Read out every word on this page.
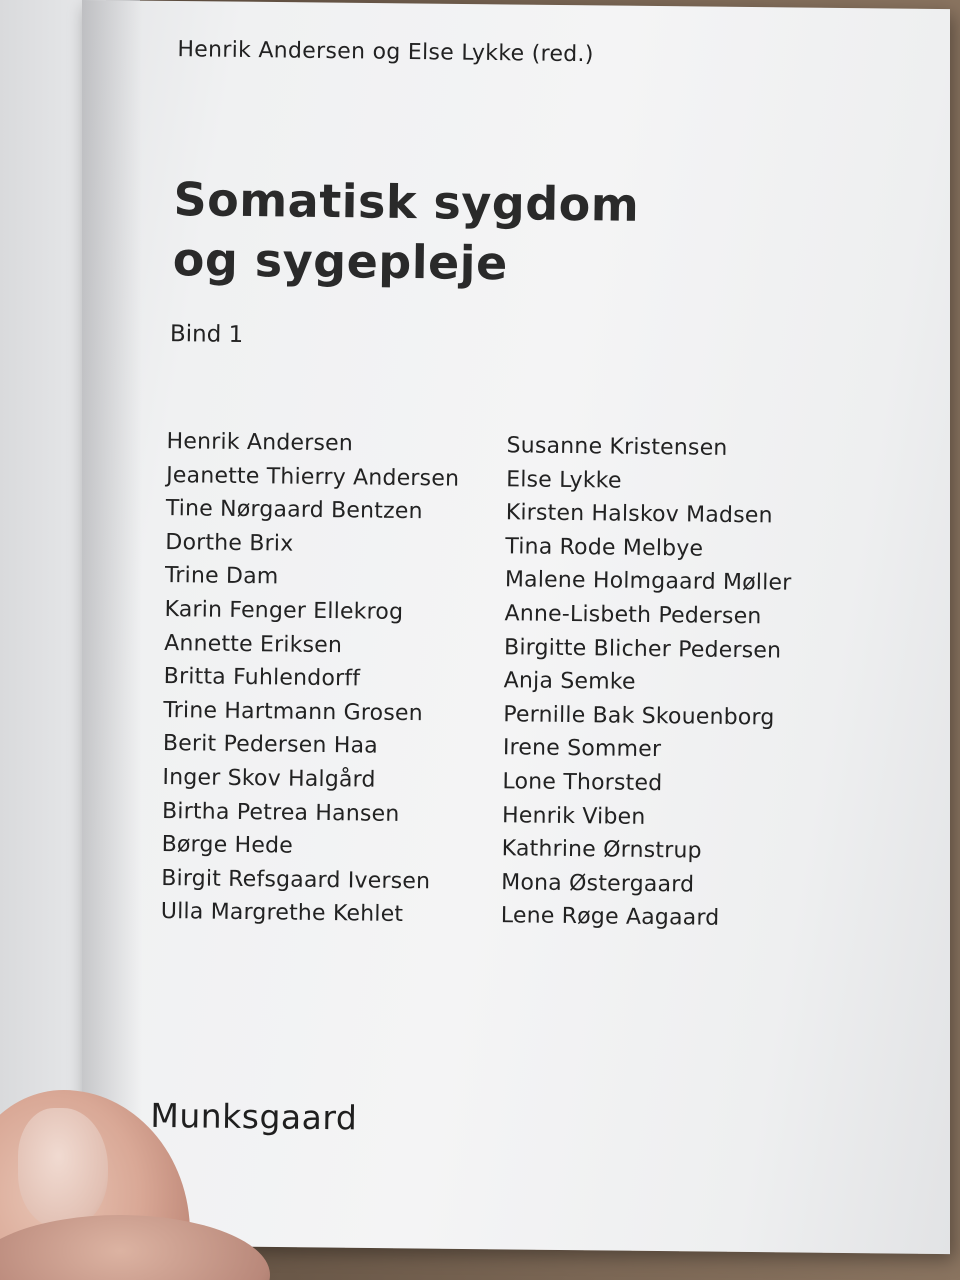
Henrik Andersen og Else Lykke (red.)
Somatisk sygdom
og sygepleje
Bind 1
Henrik Andersen
Jeanette Thierry Andersen
Tine Nørgaard Bentzen
Dorthe Brix
Trine Dam
Karin Fenger Ellekrog
Annette Eriksen
Britta Fuhlendorff
Trine Hartmann Grosen
Berit Pedersen Haa
Inger Skov Halgård
Birtha Petrea Hansen
Børge Hede
Birgit Refsgaard Iversen
Ulla Margrethe Kehlet
Susanne Kristensen
Else Lykke
Kirsten Halskov Madsen
Tina Rode Melbye
Malene Holmgaard Møller
Anne-Lisbeth Pedersen
Birgitte Blicher Pedersen
Anja Semke
Pernille Bak Skouenborg
Irene Sommer
Lone Thorsted
Henrik Viben
Kathrine Ørnstrup
Mona Østergaard
Lene Røge Aagaard
Munksgaard
